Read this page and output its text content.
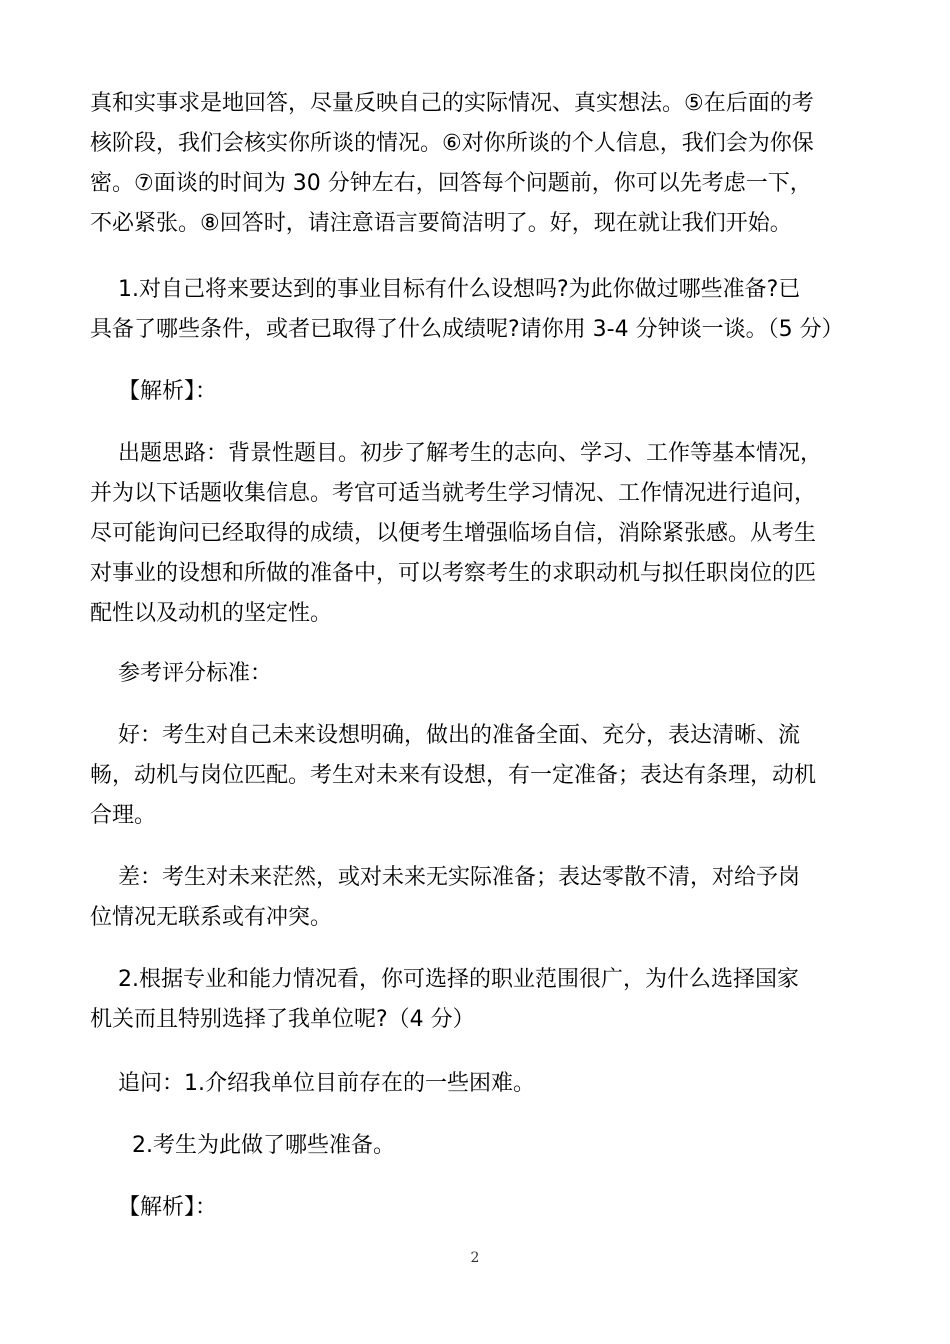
真和实事求是地回答，尽量反映自己的实际情况、真实想法。⑤在后面的考
核阶段，我们会核实你所谈的情况。⑥对你所谈的个人信息，我们会为你保
密。⑦面谈的时间为 30 分钟左右，回答每个问题前，你可以先考虑一下，
不必紧张。⑧回答时，请注意语言要简洁明了。好，现在就让我们开始。

1.对自己将来要达到的事业目标有什么设想吗?为此你做过哪些准备?已
具备了哪些条件，或者已取得了什么成绩呢?请你用 3-4 分钟谈一谈。（5 分）

【解析】：

出题思路：背景性题目。初步了解考生的志向、学习、工作等基本情况，
并为以下话题收集信息。考官可适当就考生学习情况、工作情况进行追问，
尽可能询问已经取得的成绩，以便考生增强临场自信，消除紧张感。从考生
对事业的设想和所做的准备中，可以考察考生的求职动机与拟任职岗位的匹
配性以及动机的坚定性。

参考评分标准：

好：考生对自己未来设想明确，做出的准备全面、充分，表达清晰、流
畅，动机与岗位匹配。考生对未来有设想，有一定准备；表达有条理，动机
合理。

差：考生对未来茫然，或对未来无实际准备；表达零散不清，对给予岗
位情况无联系或有冲突。

2.根据专业和能力情况看，你可选择的职业范围很广，为什么选择国家
机关而且特别选择了我单位呢?（4 分）

追问：1.介绍我单位目前存在的一些困难。

2.考生为此做了哪些准备。

【解析】：

2
